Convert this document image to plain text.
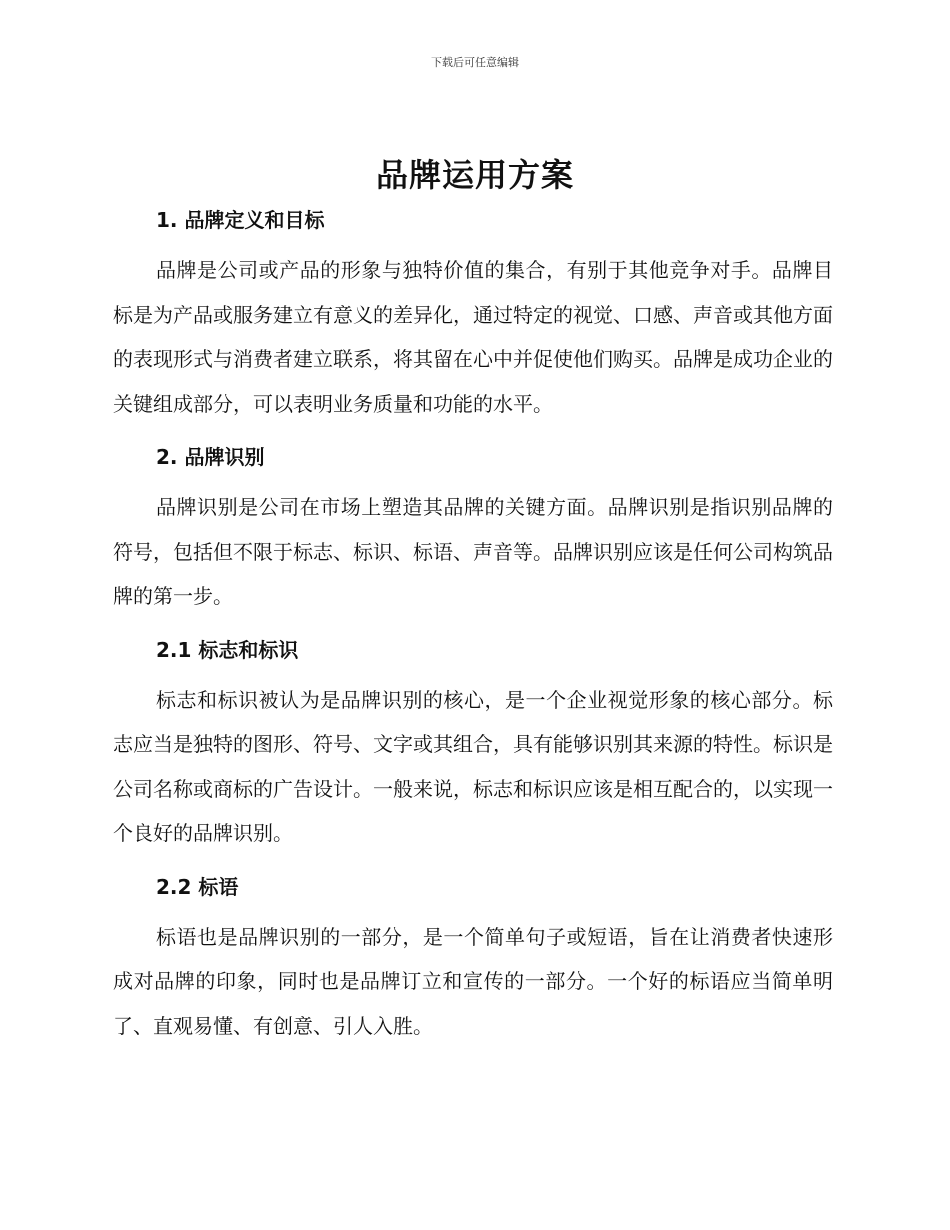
下载后可任意编辑
品牌运用方案
1. 品牌定义和目标

品牌是公司或产品的形象与独特价值的集合，有别于其他竞争对手。品牌目标是为产品或服务建立有意义的差异化，通过特定的视觉、口感、声音或其他方面的表现形式与消费者建立联系，将其留在心中并促使他们购买。品牌是成功企业的关键组成部分，可以表明业务质量和功能的水平。

2. 品牌识别

品牌识别是公司在市场上塑造其品牌的关键方面。品牌识别是指识别品牌的符号，包括但不限于标志、标识、标语、声音等。品牌识别应该是任何公司构筑品牌的第一步。

2.1 标志和标识

标志和标识被认为是品牌识别的核心，是一个企业视觉形象的核心部分。标志应当是独特的图形、符号、文字或其组合，具有能够识别其来源的特性。标识是公司名称或商标的广告设计。一般来说，标志和标识应该是相互配合的，以实现一个良好的品牌识别。

2.2 标语

标语也是品牌识别的一部分，是一个简单句子或短语，旨在让消费者快速形成对品牌的印象，同时也是品牌订立和宣传的一部分。一个好的标语应当简单明了、直观易懂、有创意、引人入胜。
